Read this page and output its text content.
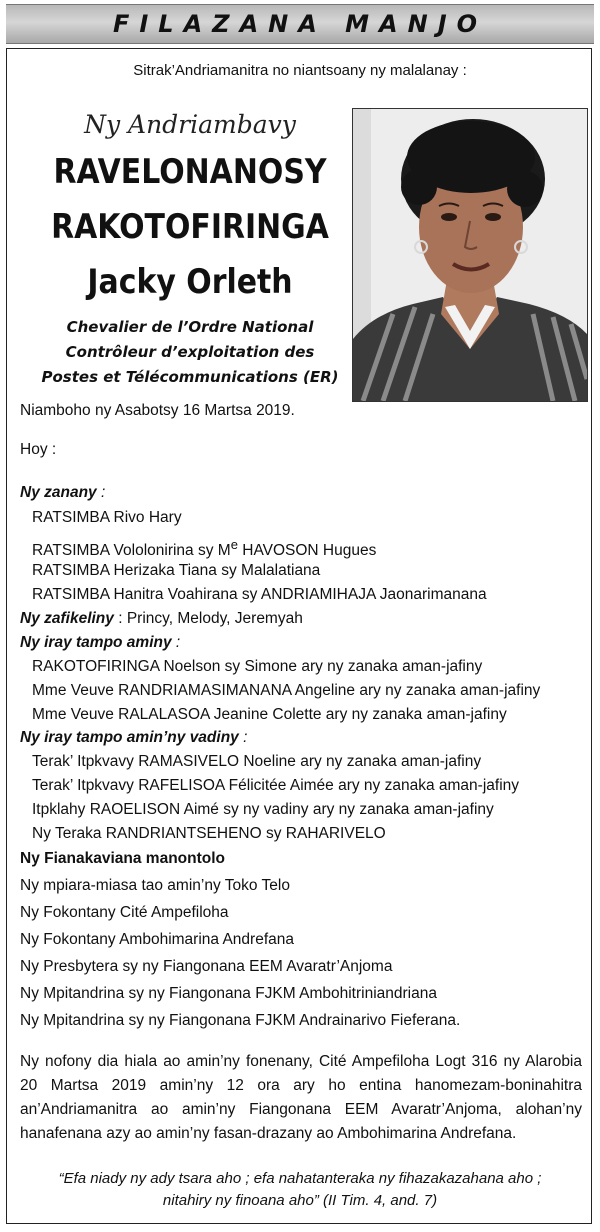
FILAZANA MANJO
Sitrak’Andriamanitra no niantsoany ny malalanay :
Ny Andriambavy
RAVELONANOSY
RAKOTOFIRINGA
Jacky Orleth
Chevalier de l’Ordre National
Contrôleur d’exploitation des
Postes et Télécommunications (ER)
Niamboho ny Asabotsy 16 Martsa 2019.
Hoy :
Ny zanany :
RATSIMBA Rivo Hary
RATSIMBA Vololonirina sy Me HAVOSON Hugues
RATSIMBA Herizaka Tiana sy Malalatiana
RATSIMBA Hanitra Voahirana sy ANDRIAMIHAJA Jaonarimanana
Ny zafikeliny : Princy, Melody, Jeremyah
Ny iray tampo aminy :
RAKOTOFIRINGA Noelson sy Simone ary ny zanaka aman-jafiny
Mme Veuve RANDRIAMASIMANANA Angeline ary ny zanaka aman-jafiny
Mme Veuve RALALASOA Jeanine Colette ary ny zanaka aman-jafiny
Ny iray tampo amin’ny vadiny :
Terak’ Itpkvavy RAMASIVELO Noeline ary ny zanaka aman-jafiny
Terak’ Itpkvavy RAFELISOA Félicitée Aimée ary ny zanaka aman-jafiny
Itpklahy RAOELISON Aimé sy ny vadiny ary ny zanaka aman-jafiny
Ny Teraka RANDRIANTSEHENO sy RAHARIVELO
Ny Fianakaviana manontolo
Ny mpiara-miasa tao amin’ny Toko Telo
Ny Fokontany Cité Ampefiloha
Ny Fokontany Ambohimarina Andrefana
Ny Presbytera sy ny Fiangonana EEM Avaratr’Anjoma
Ny Mpitandrina sy ny Fiangonana FJKM Ambohitriniandriana
Ny Mpitandrina sy ny Fiangonana FJKM Andrainarivo Fieferana.
Ny nofony dia hiala ao amin’ny fonenany, Cité Ampefiloha Logt 316 ny Alarobia 20 Martsa 2019 amin’ny 12 ora ary ho entina hanomezam-boninahitra an’Andriamanitra ao amin’ny Fiangonana EEM Avaratr’Anjoma, alohan’ny hanafenana azy ao amin’ny fasan-drazany ao Ambohimarina Andrefana.
“Efa niady ny ady tsara aho ; efa nahatanteraka ny fihazakazahana aho ;
nitahiry ny finoana aho” (II Tim. 4, and. 7)
